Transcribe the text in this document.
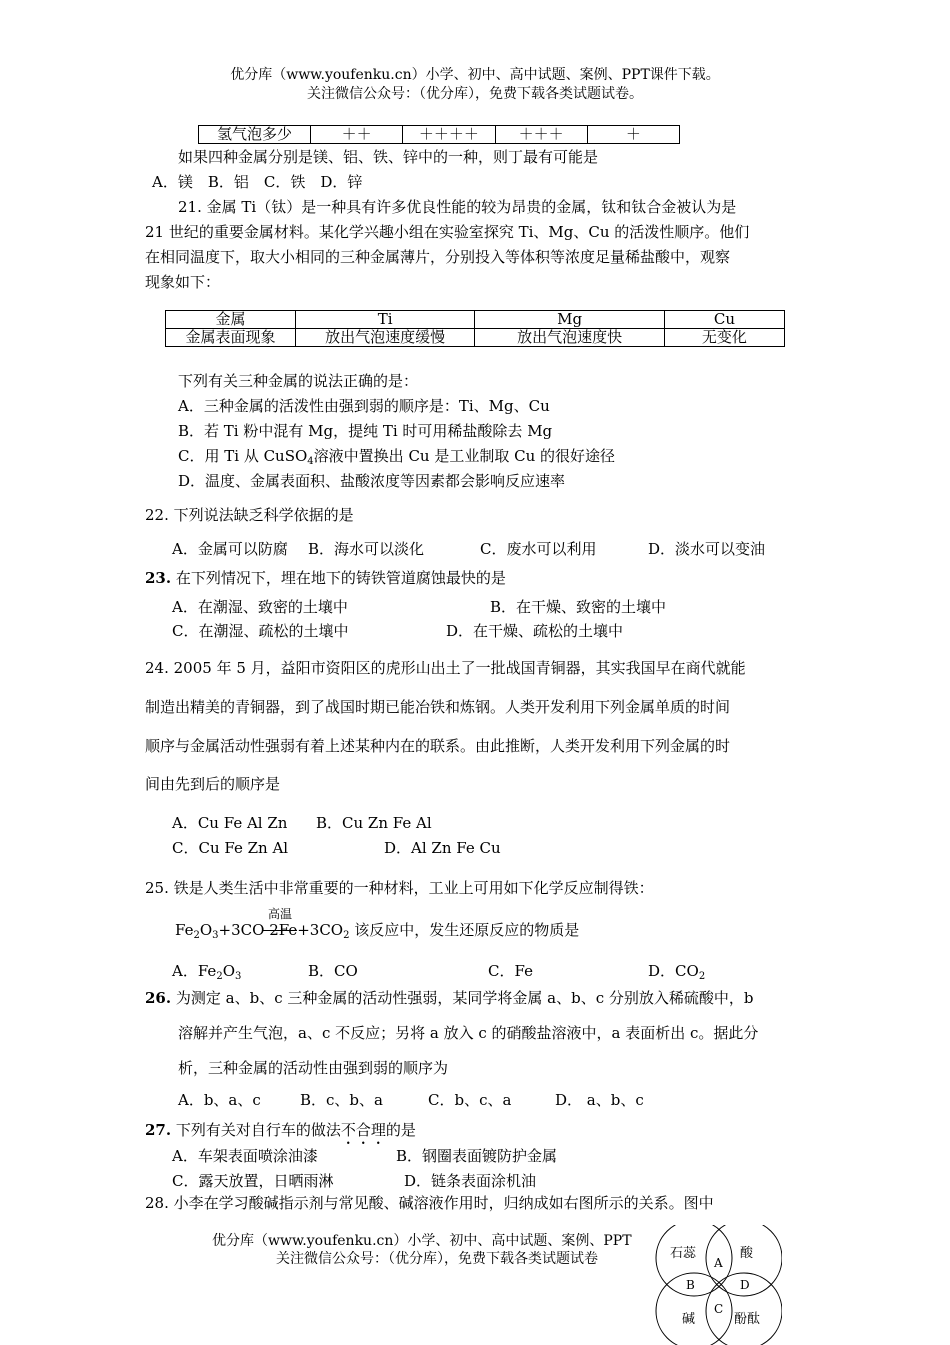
优分库（www.youfenku.cn）小学、初中、高中试题、案例、PPT课件下载。
关注微信公众号：（优分库），免费下载各类试题试卷。
氢气泡多少	＋＋	＋＋＋＋	＋＋＋	＋
如果四种金属分别是镁、铝、铁、锌中的一种，则丁最有可能是
A．镁　B．铝　C．铁　D．锌
21. 金属 Ti（钛）是一种具有许多优良性能的较为昂贵的金属，钛和钛合金被认为是
21 世纪的重要金属材料。某化学兴趣小组在实验室探究 Ti、Mg、Cu 的活泼性顺序。他们
在相同温度下，取大小相同的三种金属薄片，分别投入等体积等浓度足量稀盐酸中，观察
现象如下：
金属	Ti	Mg	Cu
金属表面现象	放出气泡速度缓慢	放出气泡速度快	无变化
下列有关三种金属的说法正确的是：
A．三种金属的活泼性由强到弱的顺序是：Ti、Mg、Cu
B．若 Ti 粉中混有 Mg，提纯 Ti 时可用稀盐酸除去 Mg
C．用 Ti 从 CuSO$_4$溶液中置换出 Cu 是工业制取 Cu 的很好途径
D．温度、金属表面积、盐酸浓度等因素都会影响反应速率
22. 下列说法缺乏科学依据的是
A．金属可以防腐 B．海水可以淡化	C．废水可以利用	D．淡水可以变油
23. 在下列情况下，埋在地下的铸铁管道腐蚀最快的是
A．在潮湿、致密的土壤中	B．在干燥、致密的土壤中
C．在潮湿、疏松的土壤中	D．在干燥、疏松的土壤中
24. 2005 年 5 月，益阳市资阳区的虎形山出土了一批战国青铜器，其实我国早在商代就能
制造出精美的青铜器，到了战国时期已能冶铁和炼钢。人类开发利用下列金属单质的时间
顺序与金属活动性强弱有着上述某种内在的联系。由此推断，人类开发利用下列金属的时
间由先到后的顺序是
A．Cu Fe Al Zn B．Cu Zn Fe Al
C．Cu Fe Zn Al	D．Al Zn Fe Cu
25. 铁是人类生活中非常重要的一种材料，工业上可用如下化学反应制得铁：
高温
$Fe_2O_3+3CO$ $2Fe+3CO_2$ 该反应中，发生还原反应的物质是
A．$Fe_2O_3$	B．CO	C．Fe	D．$CO_2$
26. 为测定 a、b、c 三种金属的活动性强弱，某同学将金属 a、b、c 分别放入稀硫酸中，b
溶解并产生气泡，a、c 不反应；另将 a 放入 c 的硝酸盐溶液中，a 表面析出 c。据此分
析，三种金属的活动性由强到弱的顺序为
A．b、a、c	B．c、b、a	C．b、c、a	D． a、b、c
27. 下列有关对自行车的做法不合理的是
A．车架表面喷涂油漆	B．钢圈表面镀防护金属
C．露天放置，日晒雨淋	D．链条表面涂机油
28. 小李在学习酸碱指示剂与常见酸、碱溶液作用时，归纳成如右图所示的关系。图中
优分库（www.youfenku.cn）小学、初中、高中试题、案例、PPT
关注微信公众号：（优分库），免费下载各类试题试卷	石蕊	酸
碱	酚酞
A
B
C
D
